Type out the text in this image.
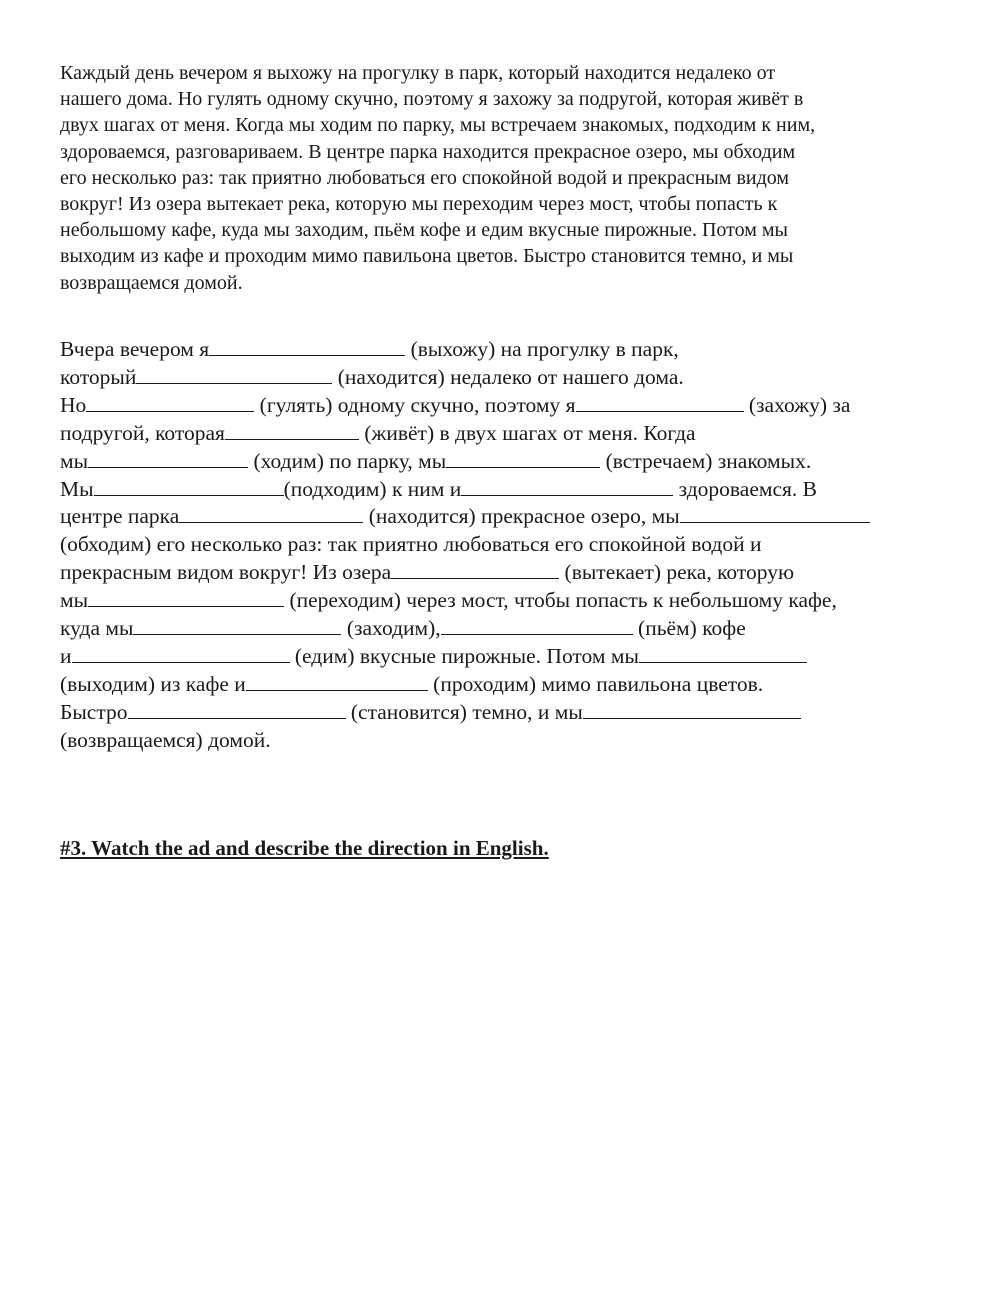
Каждый день вечером я выхожу на прогулку в парк, который находится недалеко от
нашего дома. Но гулять одному скучно, поэтому я захожу за подругой, которая живёт в
двух шагах от меня. Когда мы ходим по парку, мы встречаем знакомых, подходим к ним,
здороваемся, разговариваем. В центре парка находится прекрасное озеро, мы обходим
его несколько раз: так приятно любоваться его спокойной водой и прекрасным видом
вокруг! Из озера вытекает река, которую мы переходим через мост, чтобы попасть к
небольшому кафе, куда мы заходим, пьём кофе и едим вкусные пирожные. Потом мы
выходим из кафе и проходим мимо павильона цветов. Быстро становится темно, и мы
возвращаемся домой.
Вчера вечером я	(выхожу) на прогулку в парк,
который	(находится) недалеко от нашего дома.
Но	(гулять) одному скучно, поэтому я	(захожу) за
подругой, которая	(живёт) в двух шагах от меня. Когда
мы	(ходим) по парку, мы	(встречаем) знакомых.
Мы	(подходим) к ним и	здороваемся. В
центре парка	(находится) прекрасное озеро, мы
(обходим) его несколько раз: так приятно любоваться его спокойной водой и
прекрасным видом вокруг! Из озера	(вытекает) река, которую
мы	(переходим) через мост, чтобы попасть к небольшому кафе,
куда мы	(заходим),	(пьём) кофе
и	(едим) вкусные пирожные. Потом мы
(выходим) из кафе и	(проходим) мимо павильона цветов.
Быстро	(становится) темно, и мы
(возвращаемся) домой.
#3. Watch the ad and describe the direction in English.
